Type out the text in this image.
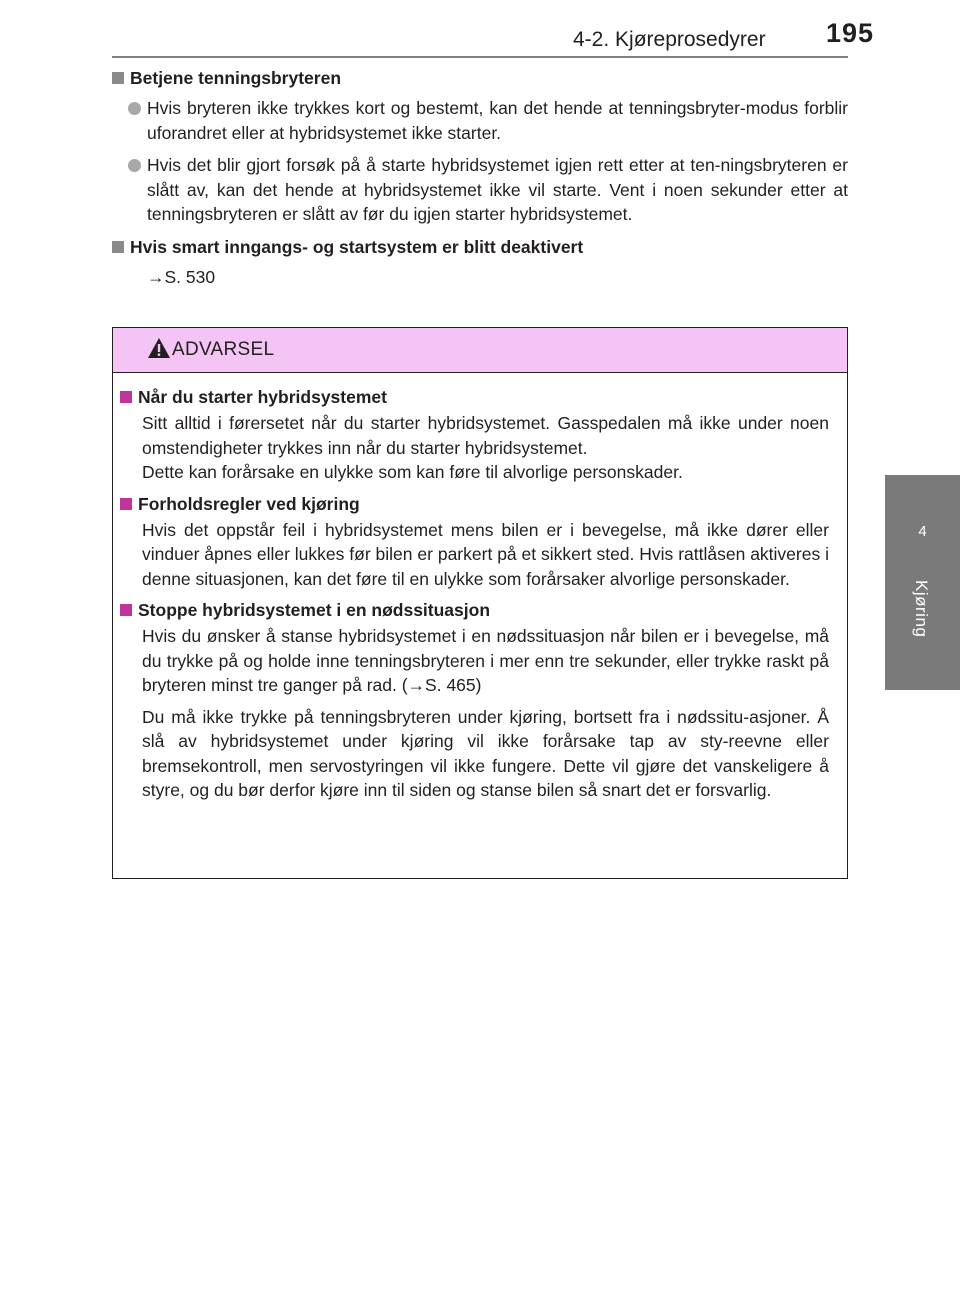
195
4-2. Kjøreprosedyrer
4
Kjøring
Betjene tenningsbryteren
Hvis bryteren ikke trykkes kort og bestemt, kan det hende at tenningsbryter-modus forblir uforandret eller at hybridsystemet ikke starter.
Hvis det blir gjort forsøk på å starte hybridsystemet igjen rett etter at ten-ningsbryteren er slått av, kan det hende at hybridsystemet ikke vil starte. Vent i noen sekunder etter at tenningsbryteren er slått av før du igjen starter hybridsystemet.
Hvis smart inngangs- og startsystem er blitt deaktivert
→S. 530
ADVARSEL
Når du starter hybridsystemet
Sitt alltid i førersetet når du starter hybridsystemet. Gasspedalen må ikke under noen omstendigheter trykkes inn når du starter hybridsystemet.
Dette kan forårsake en ulykke som kan føre til alvorlige personskader.
Forholdsregler ved kjøring
Hvis det oppstår feil i hybridsystemet mens bilen er i bevegelse, må ikke dører eller vinduer åpnes eller lukkes før bilen er parkert på et sikkert sted. Hvis rattlåsen aktiveres i denne situasjonen, kan det føre til en ulykke som forårsaker alvorlige personskader.
Stoppe hybridsystemet i en nødssituasjon
Hvis du ønsker å stanse hybridsystemet i en nødssituasjon når bilen er i bevegelse, må du trykke på og holde inne tenningsbryteren i mer enn tre sekunder, eller trykke raskt på bryteren minst tre ganger på rad. (→S. 465)
Du må ikke trykke på tenningsbryteren under kjøring, bortsett fra i nødssitu-asjoner. Å slå av hybridsystemet under kjøring vil ikke forårsake tap av sty-reevne eller bremsekontroll, men servostyringen vil ikke fungere. Dette vil gjøre det vanskeligere å styre, og du bør derfor kjøre inn til siden og stanse bilen så snart det er forsvarlig.
